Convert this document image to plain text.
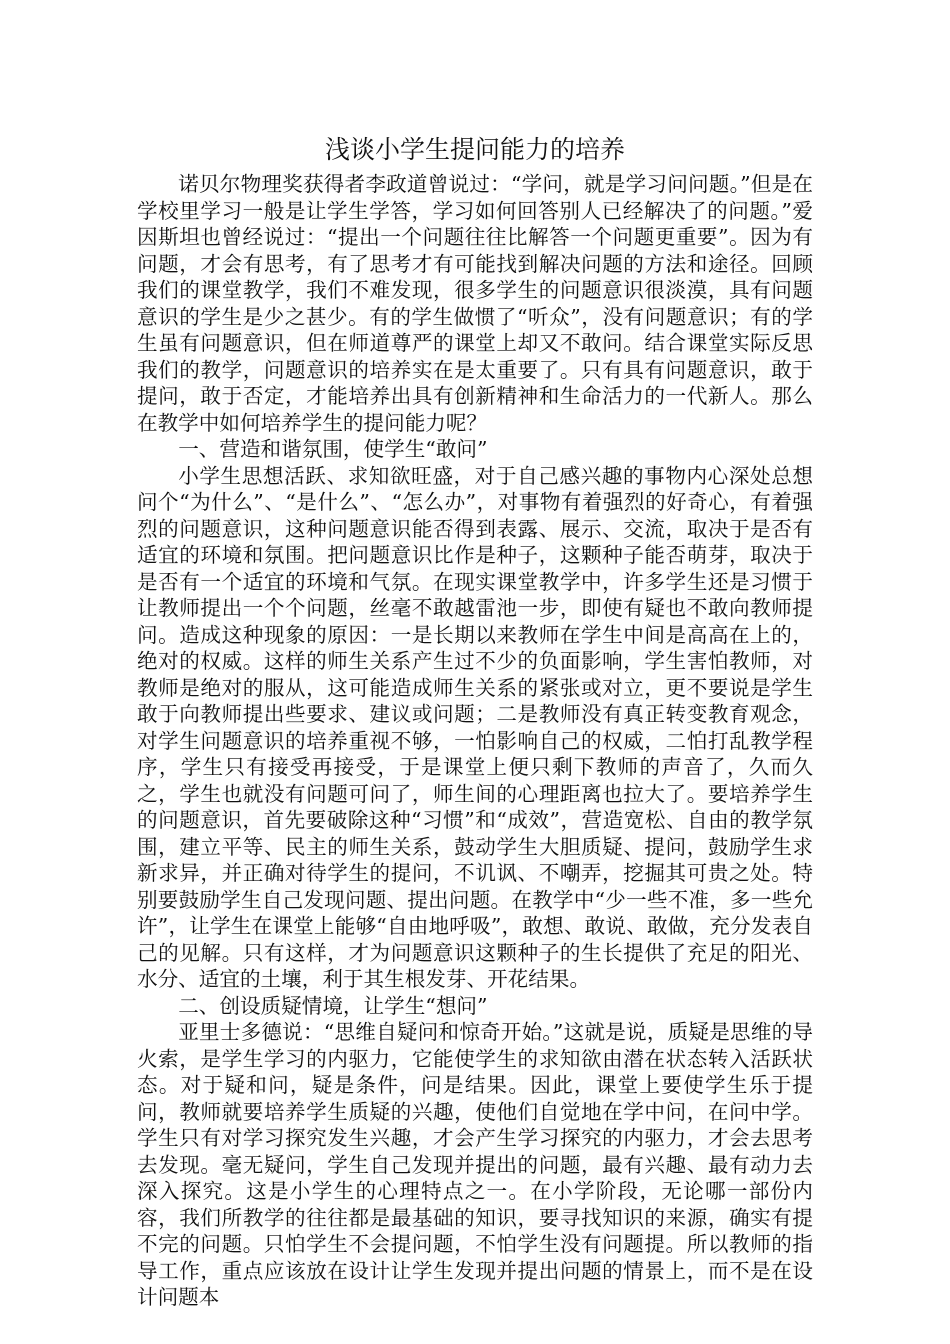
浅谈小学生提问能力的培养

诺贝尔物理奖获得者李政道曾说过：“学问，就是学习问问题。”但是在学校里学习一般是让学生学答，学习如何回答别人已经解决了的问题。”爱因斯坦也曾经说过：“提出一个问题往往比解答一个问题更重要”。因为有问题，才会有思考，有了思考才有可能找到解决问题的方法和途径。回顾我们的课堂教学，我们不难发现，很多学生的问题意识很淡漠，具有问题意识的学生是少之甚少。有的学生做惯了“听众”，没有问题意识；有的学生虽有问题意识，但在师道尊严的课堂上却又不敢问。结合课堂实际反思我们的教学，问题意识的培养实在是太重要了。只有具有问题意识，敢于提问，敢于否定，才能培养出具有创新精神和生命活力的一代新人。那么在教学中如何培养学生的提问能力呢？

一、营造和谐氛围，使学生“敢问”

小学生思想活跃、求知欲旺盛，对于自己感兴趣的事物内心深处总想问个“为什么”、“是什么”、“怎么办”，对事物有着强烈的好奇心，有着强烈的问题意识，这种问题意识能否得到表露、展示、交流，取决于是否有适宜的环境和氛围。把问题意识比作是种子，这颗种子能否萌芽，取决于是否有一个适宜的环境和气氛。在现实课堂教学中，许多学生还是习惯于让教师提出一个个问题，丝毫不敢越雷池一步，即使有疑也不敢向教师提问。造成这种现象的原因：一是长期以来教师在学生中间是高高在上的，绝对的权威。这样的师生关系产生过不少的负面影响，学生害怕教师，对教师是绝对的服从，这可能造成师生关系的紧张或对立，更不要说是学生敢于向教师提出些要求、建议或问题；二是教师没有真正转变教育观念，对学生问题意识的培养重视不够，一怕影响自己的权威，二怕打乱教学程序，学生只有接受再接受，于是课堂上便只剩下教师的声音了，久而久之，学生也就没有问题可问了，师生间的心理距离也拉大了。要培养学生的问题意识，首先要破除这种“习惯”和“成效”，营造宽松、自由的教学氛围，建立平等、民主的师生关系，鼓动学生大胆质疑、提问，鼓励学生求新求异，并正确对待学生的提问，不讥讽、不嘲弄，挖掘其可贵之处。特别要鼓励学生自己发现问题、提出问题。在教学中“少一些不准，多一些允许”，让学生在课堂上能够“自由地呼吸”，敢想、敢说、敢做，充分发表自己的见解。只有这样，才为问题意识这颗种子的生长提供了充足的阳光、水分、适宜的土壤，利于其生根发芽、开花结果。

二、创设质疑情境，让学生“想问”

亚里士多德说：“思维自疑问和惊奇开始。”这就是说，质疑是思维的导火索，是学生学习的内驱力，它能使学生的求知欲由潜在状态转入活跃状态。对于疑和问，疑是条件，问是结果。因此，课堂上要使学生乐于提问，教师就要培养学生质疑的兴趣，使他们自觉地在学中问，在问中学。学生只有对学习探究发生兴趣，才会产生学习探究的内驱力，才会去思考去发现。毫无疑问，学生自己发现并提出的问题，最有兴趣、最有动力去深入探究。这是小学生的心理特点之一。在小学阶段，无论哪一部份内容，我们所教学的往往都是最基础的知识，要寻找知识的来源，确实有提不完的问题。只怕学生不会提问题，不怕学生没有问题提。所以教师的指导工作，重点应该放在设计让学生发现并提出问题的情景上，而不是在设计问题本
